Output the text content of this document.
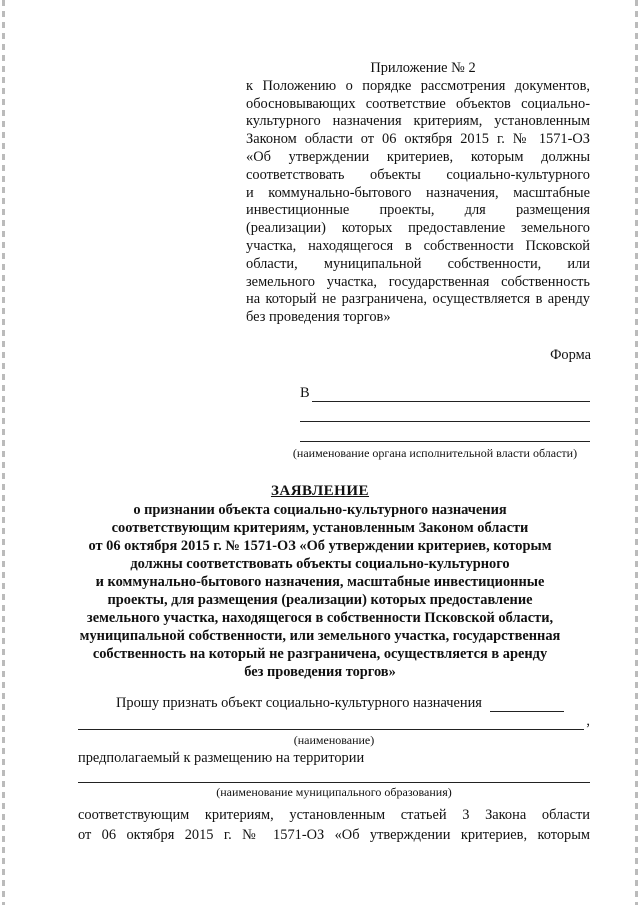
Приложение № 2
к Положению о порядке рассмотрения документов,
обосновывающих соответствие объектов социально-
культурного назначения критериям, установленным
Законом области от 06 октября 2015 г. № 1571-ОЗ
«Об утверждении критериев, которым должны
соответствовать объекты социально-культурного
и коммунально-бытового назначения, масштабные
инвестиционные проекты, для размещения
(реализации) которых предоставление земельного
участка, находящегося в собственности Псковской
области, муниципальной собственности, или
земельного участка, государственная собственность
на который не разграничена, осуществляется в аренду
без проведения торгов»
Форма
В
(наименование органа исполнительной власти области)
ЗАЯВЛЕНИЕ
о признании объекта социально-культурного назначения
соответствующим критериям, установленным Законом области
от 06 октября 2015 г. № 1571-ОЗ «Об утверждении критериев, которым
должны соответствовать объекты социально-культурного
и коммунально-бытового назначения, масштабные инвестиционные
проекты, для размещения (реализации) которых предоставление
земельного участка, находящегося в собственности Псковской области,
муниципальной собственности, или земельного участка, государственная
собственность на который не разграничена, осуществляется в аренду
без проведения торгов»
Прошу признать объект социально-культурного назначения
,
(наименование)
предполагаемый к размещению на территории
(наименование муниципального образования)
соответствующим критериям, установленным статьей 3 Закона области
от 06 октября 2015 г. № 1571-ОЗ «Об утверждении критериев, которым
